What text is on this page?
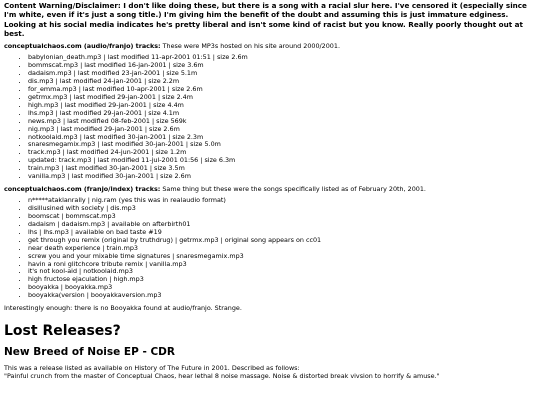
Content Warning/Disclaimer: I don't like doing these, but there is a song with a racial slur here. I've censored it (especially since I'm white, even if it's just a song title.) I'm giving him the benefit of the doubt and assuming this is just immature edginess. Looking at his social media indicates he's pretty liberal and isn't some kind of racist but you know. Really poorly thought out at best.

conceptualchaos.com (audio/franjo) tracks: These were MP3s hosted on his site around 2000/2001.

• babylonian_death.mp3 | last modified 11-apr-2001 01:51 | size 2.6m
• bommscat.mp3 | last modified 16-jan-2001 | size 3.6m
• dadaism.mp3 | last modified 23-jan-2001 | size 5.1m
• dis.mp3 | last modified 24-jan-2001 | size 2.2m
• for_emma.mp3 | last modified 10-apr-2001 | size 2.6m
• getrmx.mp3 | last modified 29-jan-2001 | size 2.4m
• high.mp3 | last modified 29-jan-2001 | size 4.4m
• lhs.mp3 | last modified 29-jan-2001 | size 4.1m
• news.mp3 | last modified 08-feb-2001 | size 569k
• nig.mp3 | last modified 29-jan-2001 | size 2.6m
• notkoolaid.mp3 | last modified 30-jan-2001 | size 2.3m
• snaresmegamix.mp3 | last modified 30-jan-2001 | size 5.0m
• track.mp3 | last modified 24-jun-2001 | size 1.2m
• updated: track.mp3 | last modified 11-jul-2001 01:56 | size 6.3m
• train.mp3 | last modified 30-jan-2001 | size 3.5m
• vanilla.mp3 | last modified 30-jan-2001 | size 2.6m

conceptualchaos.com (franjo/index) tracks: Same thing but these were the songs specifically listed as of February 20th, 2001.

• n*****ataklanrally | nig.ram (yes this was in realaudio format)
• disillusined with society | dis.mp3
• boomscat | bommscat.mp3
• dadaism | dadaism.mp3 | available on afterbirth01
• lhs | lhs.mp3 | available on bad taste #19
• get through you remix (original by truthdrug) | getrmx.mp3 | original song appears on cc01
• near death experience | train.mp3
• screw you and your mixable time signatures | snaresmegamix.mp3
• havin a roni glitchcore tribute remix | vanilla.mp3
• it's not kool-aid | notkoolaid.mp3
• high fructose ejaculation | high.mp3
• booyakka | booyakka.mp3
• booyakka(version | booyakkaversion.mp3

Interestingly enough: there is no Booyakka found at audio/franjo. Strange.

Lost Releases?
New Breed of Noise EP - CDR

This was a release listed as available on History of The Future in 2001. Described as follows:

"Painful crunch from the master of Conceptual Chaos, hear lethal 8 noise massage. Noise & distorted break vivsion to horrify & amuse."
